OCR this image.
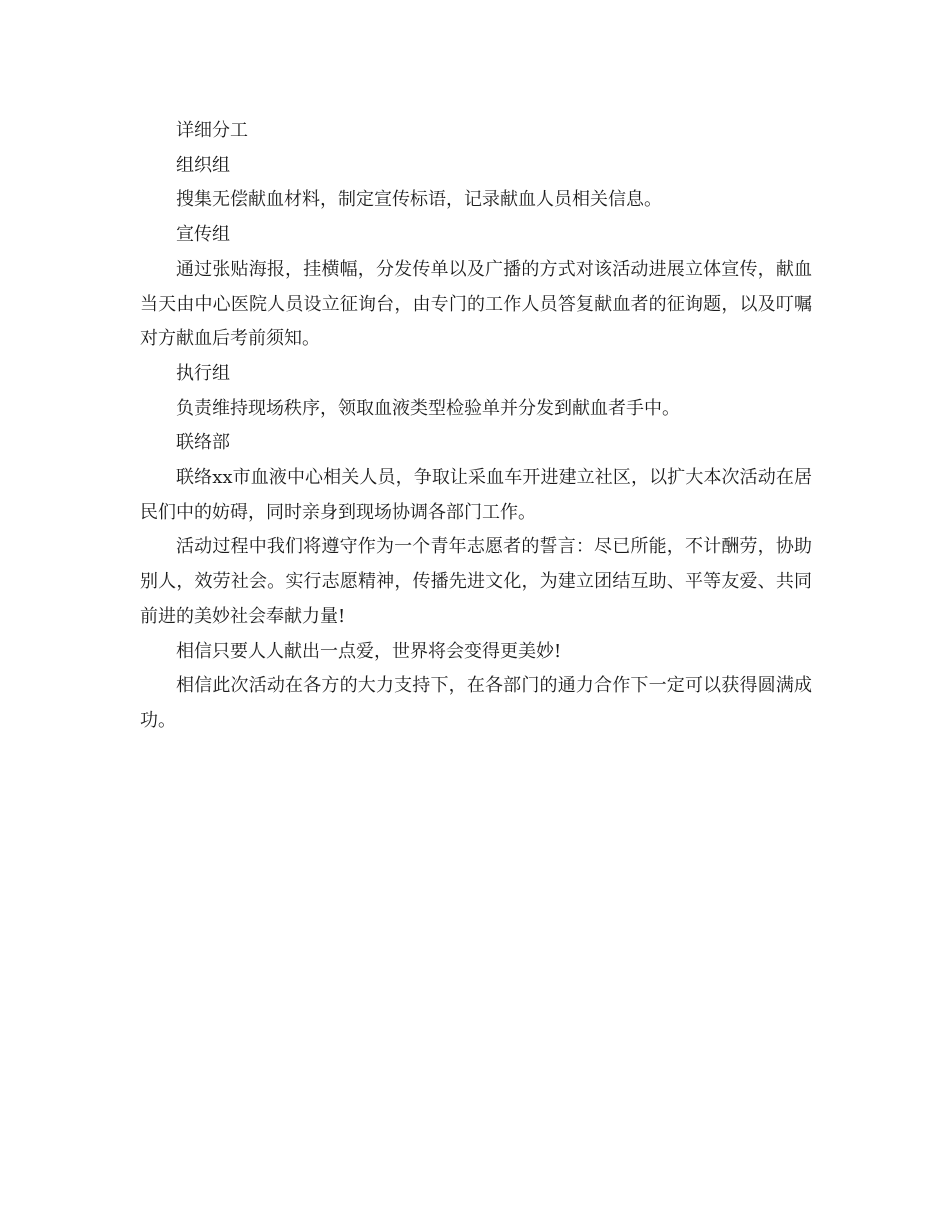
详细分工

组织组

搜集无偿献血材料，制定宣传标语，记录献血人员相关信息。

宣传组

通过张贴海报，挂横幅，分发传单以及广播的方式对该活动进展立体宣传，献血当天由中心医院人员设立征询台，由专门的工作人员答复献血者的征询题，以及叮嘱对方献血后考前须知。

执行组

负责维持现场秩序，领取血液类型检验单并分发到献血者手中。

联络部

联络xx市血液中心相关人员，争取让采血车开进建立社区，以扩大本次活动在居民们中的妨碍，同时亲身到现场协调各部门工作。

活动过程中我们将遵守作为一个青年志愿者的誓言：尽已所能，不计酬劳，协助别人，效劳社会。实行志愿精神，传播先进文化，为建立团结互助、平等友爱、共同前进的美妙社会奉献力量!

相信只要人人献出一点爱，世界将会变得更美妙!

相信此次活动在各方的大力支持下，在各部门的通力合作下一定可以获得圆满成功。
